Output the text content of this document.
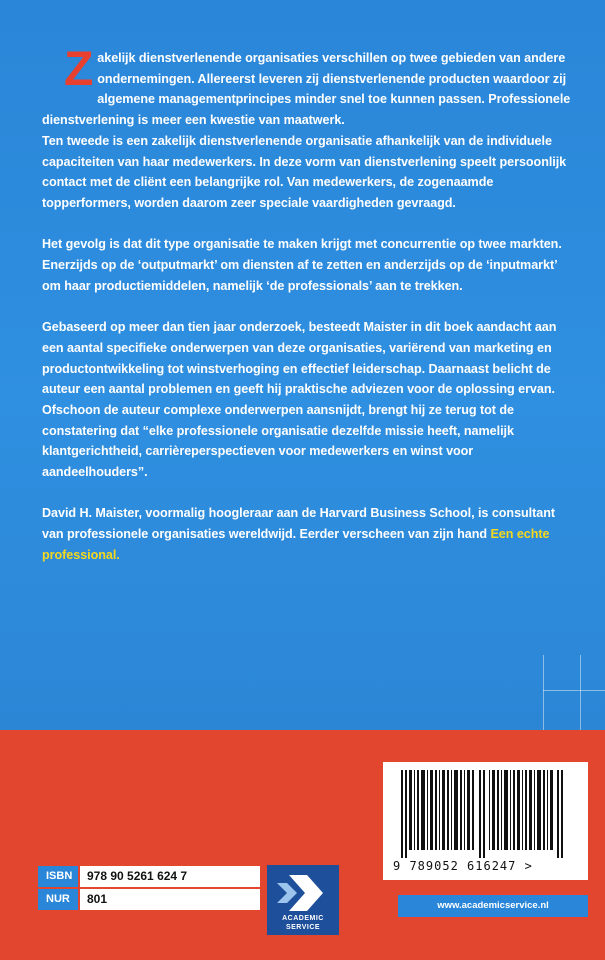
Zakelijk dienstverlenende organisaties verschillen op twee gebieden van andere ondernemingen. Allereerst leveren zij dienstverlenende producten waardoor zij algemene managementprincipes minder snel toe kunnen passen. Professionele dienstverlening is meer een kwestie van maatwerk.

Ten tweede is een zakelijk dienstverlenende organisatie afhankelijk van de individuele capaciteiten van haar medewerkers. In deze vorm van dienstverlening speelt persoonlijk contact met de cliënt een belangrijke rol. Van medewerkers, de zogenaamde topperformers, worden daarom zeer speciale vaardigheden gevraagd.

Het gevolg is dat dit type organisatie te maken krijgt met concurrentie op twee markten. Enerzijds op de ‘outputmarkt’ om diensten af te zetten en anderzijds op de ‘inputmarkt’ om haar productiemiddelen, namelijk ‘de professionals’ aan te trekken.

Gebaseerd op meer dan tien jaar onderzoek, besteedt Maister in dit boek aandacht aan een aantal specifieke onderwerpen van deze organisaties, variërend van marketing en productontwikkeling tot winstverhoging en effectief leiderschap. Daarnaast belicht de auteur een aantal problemen en geeft hij praktische adviezen voor de oplossing ervan.

Ofschoon de auteur complexe onderwerpen aansnijdt, brengt hij ze terug tot de constatering dat “elke professionele organisatie dezelfde missie heeft, namelijk klantgerichtheid, carrièreperspectieven voor medewerkers en winst voor aandeelhouders”.

David H. Maister, voormalig hoogleraar aan de Harvard Business School, is consultant van professionele organisaties wereldwijd. Eerder verscheen van zijn hand Een echte professional.

9 789052 616247 >
ISBN	978 90 5261 624 7
NUR	801
ACADEMIC
SERVICE
www.academicservice.nl
